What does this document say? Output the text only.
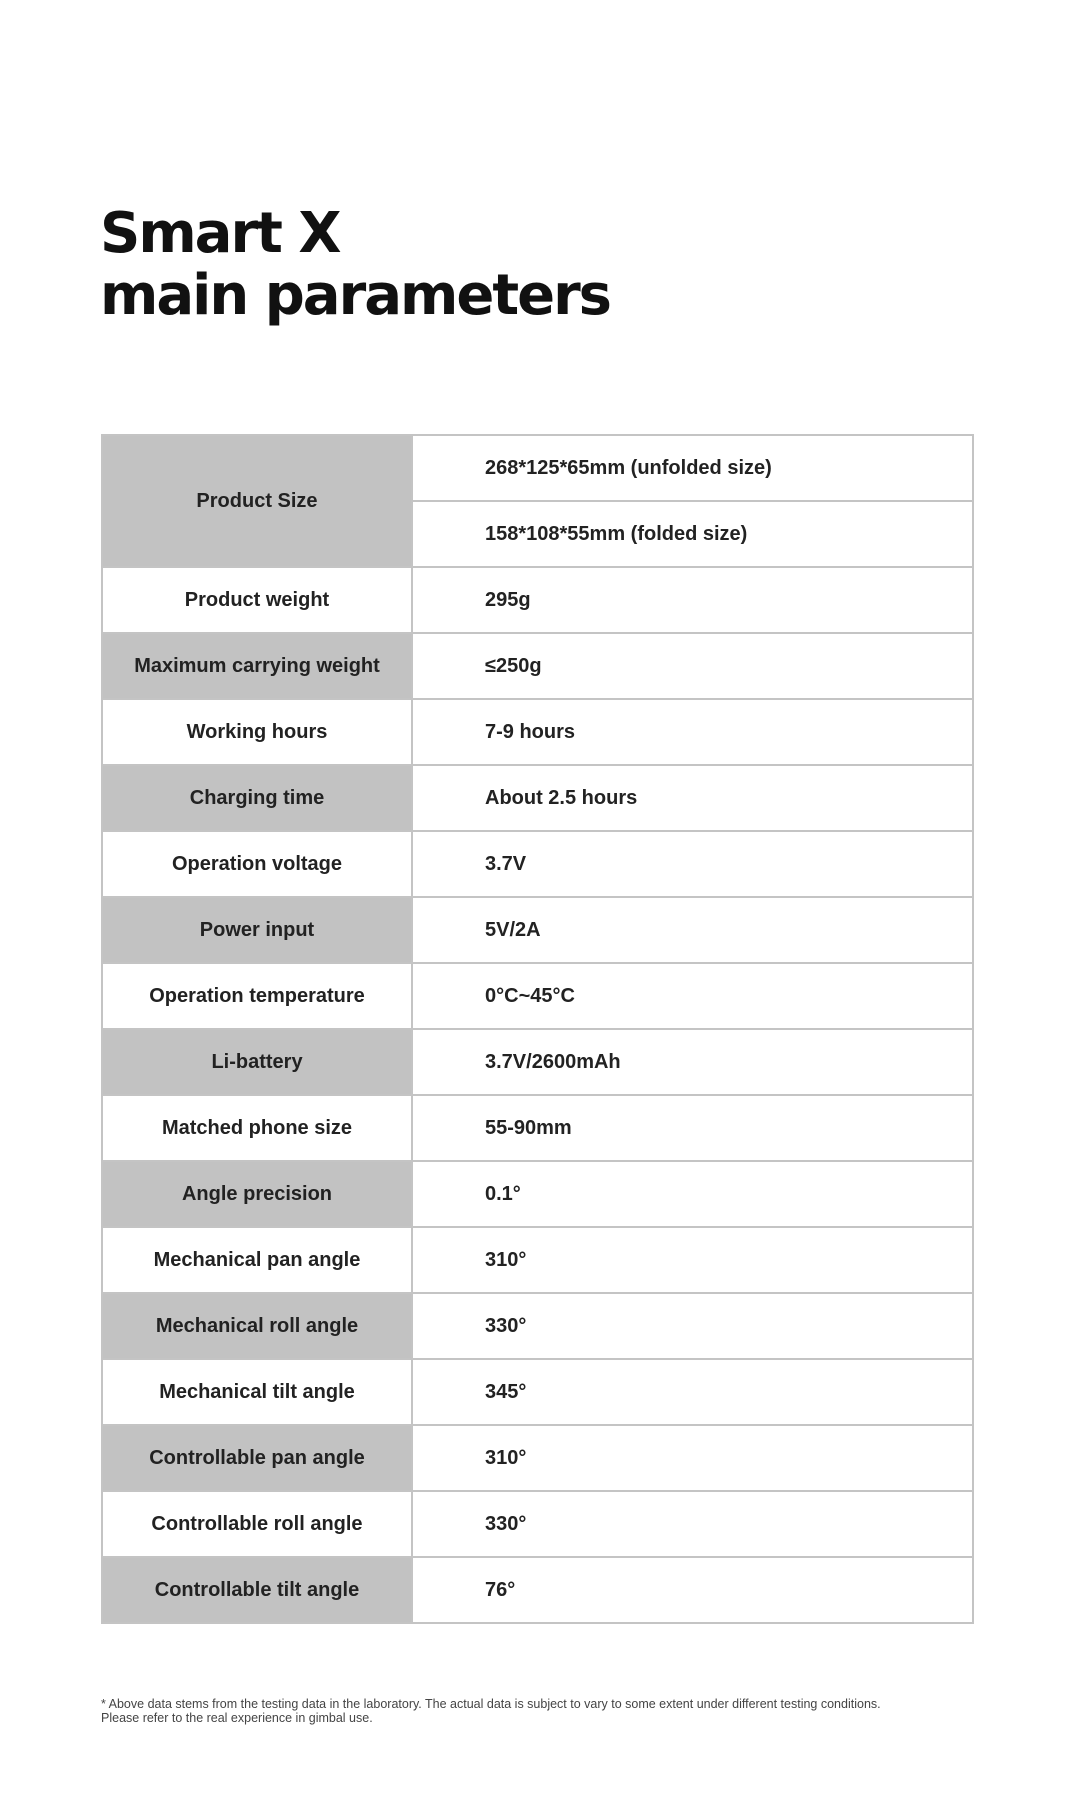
Smart X
main parameters
Product Size	268*125*65mm (unfolded size)
	158*108*55mm (folded size)
Product weight	295g
Maximum carrying weight	≤250g
Working hours	7-9 hours
Charging time	About 2.5 hours
Operation voltage	3.7V
Power input	5V/2A
Operation temperature	0°C~45°C
Li-battery	3.7V/2600mAh
Matched phone size	55-90mm
Angle precision	0.1°
Mechanical pan angle	310°
Mechanical roll angle	330°
Mechanical tilt angle	345°
Controllable pan angle	310°
Controllable roll angle	330°
Controllable tilt angle	76°
* Above data stems from the testing data in the laboratory. The actual data is subject to vary to some extent under different testing conditions.
Please refer to the real experience in gimbal use.
